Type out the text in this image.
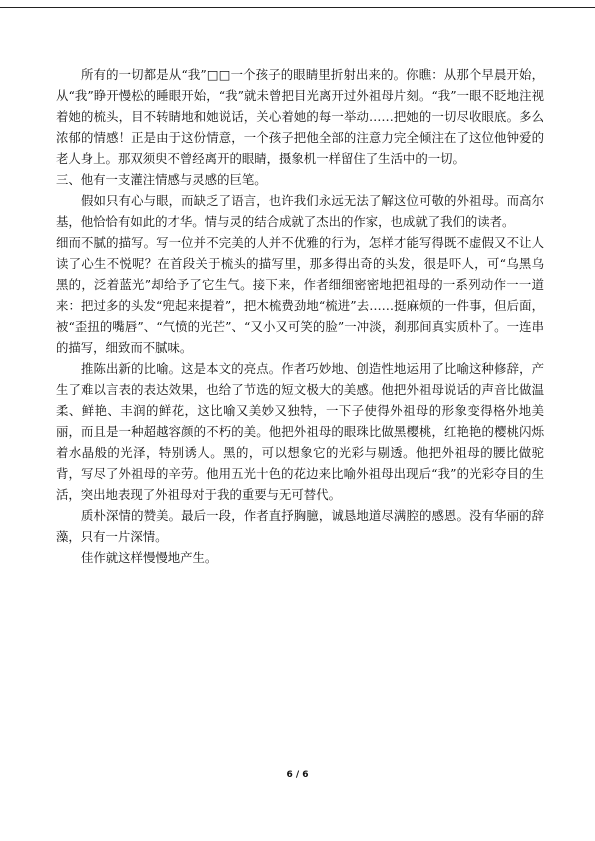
所有的一切都是从“我”□□一个孩子的眼睛里折射出来的。你瞧：从那个早晨开始，从“我”睁开慢松的睡眼开始，“我”就未曾把目光离开过外祖母片刻。“我”一眼不眨地注视着她的梳头，目不转睛地和她说话，关心着她的每一举动……把她的一切尽收眼底。多么浓郁的情感！正是由于这份情意，一个孩子把他全部的注意力完全倾注在了这位他钟爱的老人身上。那双须臾不曾经离开的眼睛，摄象机一样留住了生活中的一切。

三、他有一支灌注情感与灵感的巨笔。

假如只有心与眼，而缺乏了语言，也许我们永远无法了解这位可敬的外祖母。而高尔基，他恰恰有如此的才华。情与灵的结合成就了杰出的作家，也成就了我们的读者。

细而不腻的描写。写一位并不完美的人并不优雅的行为，怎样才能写得既不虚假又不让人读了心生不悦呢？在首段关于梳头的描写里，那多得出奇的头发，很是吓人，可“乌黑乌黑的，泛着蓝光”却给予了它生气。接下来，作者细细密密地把祖母的一系列动作一一道来：把过多的头发“兜起来提着”，把木梳费劲地“梳进”去……挺麻烦的一件事，但后面，被“歪扭的嘴唇”、“气愤的光芒”、“又小又可笑的脸”一冲淡，刹那间真实质朴了。一连串的描写，细致而不腻味。

推陈出新的比喻。这是本文的亮点。作者巧妙地、创造性地运用了比喻这种修辞，产生了难以言表的表达效果，也给了节选的短文极大的美感。他把外祖母说话的声音比做温柔、鲜艳、丰润的鲜花，这比喻又美妙又独特，一下子使得外祖母的形象变得格外地美丽，而且是一种超越容颜的不朽的美。他把外祖母的眼珠比做黑樱桃，红艳艳的樱桃闪烁着水晶般的光泽，特别诱人。黑的，可以想象它的光彩与剔透。他把外祖母的腰比做驼背，写尽了外祖母的辛劳。他用五光十色的花边来比喻外祖母出现后“我”的光彩夺目的生活，突出地表现了外祖母对于我的重要与无可替代。

质朴深情的赞美。最后一段，作者直抒胸臆，诚恳地道尽满腔的感恩。没有华丽的辞藻，只有一片深情。

佳作就这样慢慢地产生。

6 / 6
